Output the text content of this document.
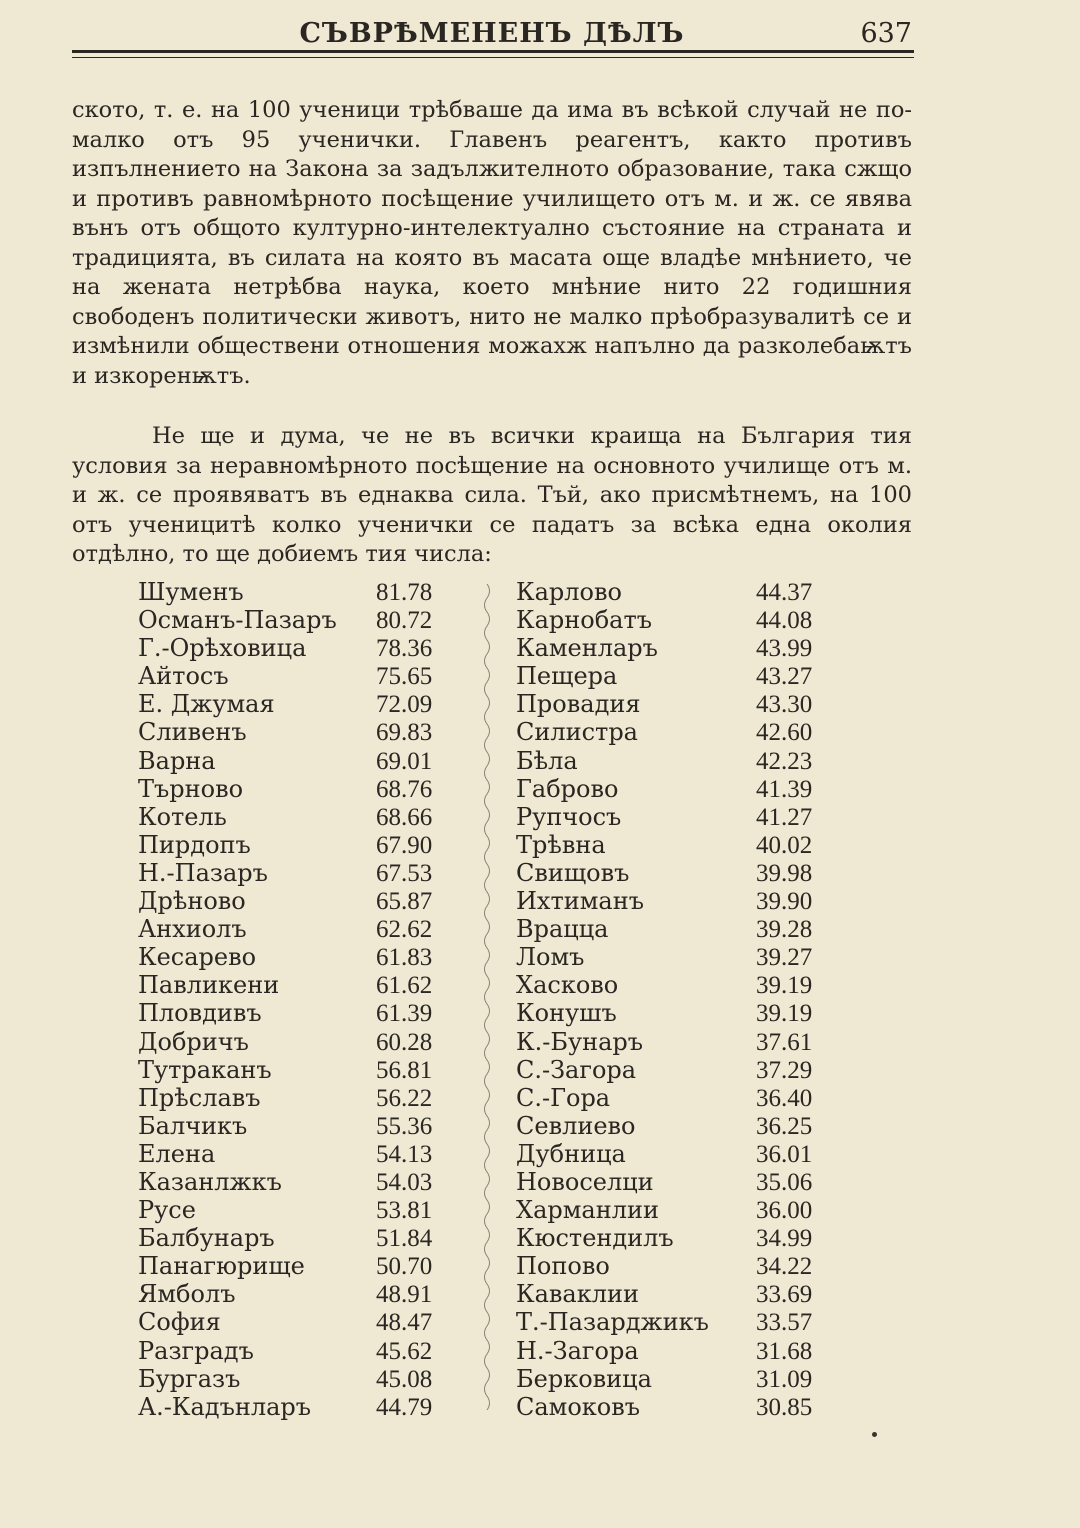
СЪВРѢМЕНЕНЪ ДѢЛЪ	637
ското, т. е. на 100 ученици трѣбваше да има въ всѣкой случай не по-малко отъ 95 ученички. Главенъ реагентъ, както противъ изпълнението на Закона за задължителното образование, така сжщо и противъ равномѣрното посѣщение училището отъ м. и ж. се явява вънъ отъ общото културно-интелектуално състояние на страната и традицията, въ силата на която въ масата още владѣе мнѣнието, че на жената нетрѣбва наука, което мнѣние нито 22 годишния свободенъ политически животъ, нито не малко прѣобразувалитѣ се и измѣнили обществени отношения можахж напълно да разколебаѭтъ и изкоренѭтъ.
Не ще и дума, че не въ всички краища на България тия условия за неравномѣрното посѣщение на основното училище отъ м. и ж. се проявяватъ въ еднаква сила. Тъй, ако присмѣтнемъ, на 100 отъ ученицитѣ колко ученички се падатъ за всѣка една околия отдѣлно, то ще добиемъ тия числа:
Шуменъ	81.78
Османъ-Пазаръ	80.72
Г.-Орѣховица	78.36
Айтосъ	75.65
Е. Джумая	72.09
Сливенъ	69.83
Варна	69.01
Търново	68.76
Котель	68.66
Пирдопъ	67.90
Н.-Пазаръ	67.53
Дрѣново	65.87
Анхиолъ	62.62
Кесарево	61.83
Павликени	61.62
Пловдивъ	61.39
Добричъ	60.28
Тутраканъ	56.81
Прѣславъ	56.22
Балчикъ	55.36
Елена	54.13
Казанлжкъ	54.03
Русе	53.81
Балбунаръ	51.84
Панагюрище	50.70
Ямболъ	48.91
София	48.47
Разградъ	45.62
Бургазъ	45.08
А.-Кадънларъ	44.79
Карлово	44.37
Карнобатъ	44.08
Каменларъ	43.99
Пещера	43.27
Провадия	43.30
Силистра	42.60
Бѣла	42.23
Габрово	41.39
Рупчосъ	41.27
Трѣвна	40.02
Свищовъ	39.98
Ихтиманъ	39.90
Врацца	39.28
Ломъ	39.27
Хасково	39.19
Конушъ	39.19
К.-Бунаръ	37.61
С.-Загора	37.29
С.-Гора	36.40
Севлиево	36.25
Дубница	36.01
Новоселци	35.06
Харманлии	36.00
Кюстендилъ	34.99
Попово	34.22
Каваклии	33.69
Т.-Пазарджикъ	33.57
Н.-Загора	31.68
Берковица	31.09
Самоковъ	30.85
